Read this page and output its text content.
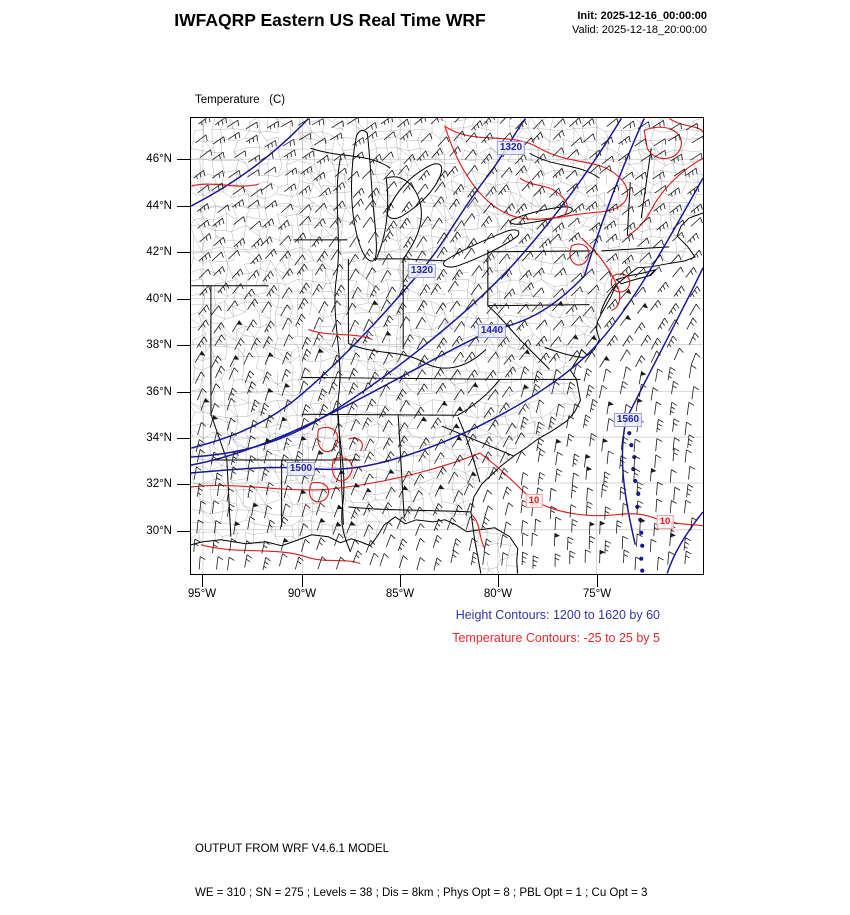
IWFAQRP Eastern US Real Time WRF	Init: 2025-12-16_00:00:00
Valid: 2025-12-18_20:00:00

Temperature   (C)

46°N
44°N
42°N
40°N
38°N
36°N
34°N
32°N
30°N
95°W	90°W	85°W	80°W	75°W
1320
1320
1440
1500
1560
10
10
Height Contours: 1200 to 1620 by 60
Temperature Contours: -25 to 25 by 5

OUTPUT FROM WRF V4.6.1 MODEL

WE = 310 ; SN = 275 ; Levels = 38 ; Dis = 8km ; Phys Opt = 8 ; PBL Opt = 1 ; Cu Opt = 3
